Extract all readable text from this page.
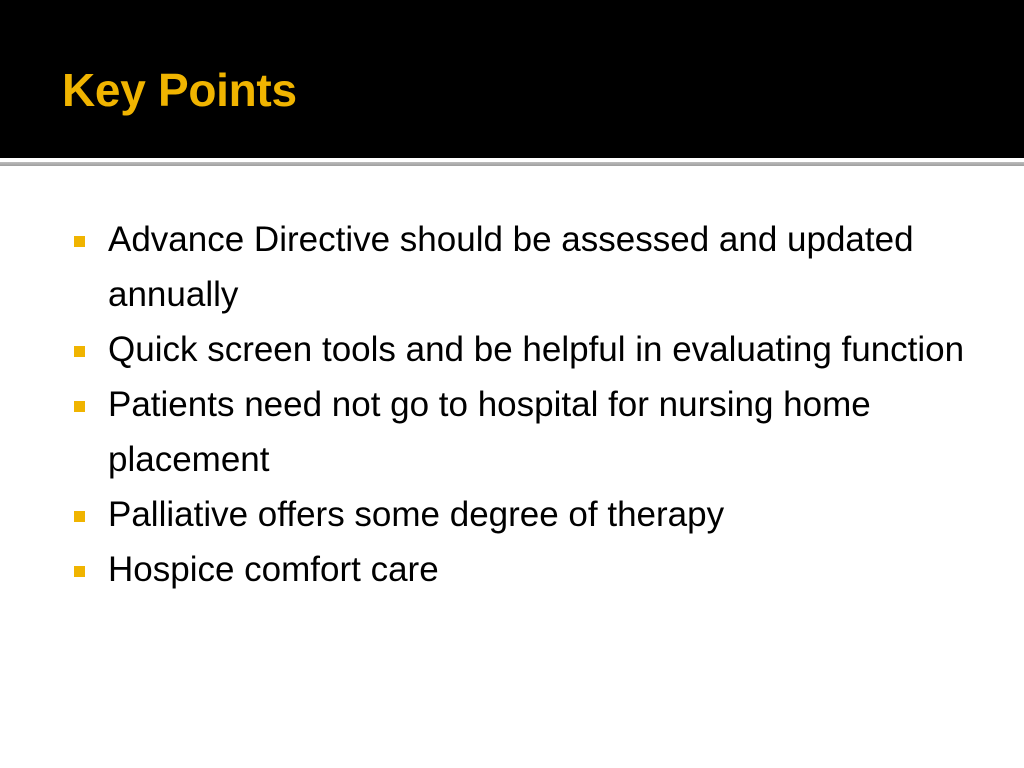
Key Points
Advance Directive should be assessed and updated annually
Quick screen tools and be helpful in evaluating function
Patients need not go to hospital for nursing home placement
Palliative offers some degree of therapy
Hospice comfort care
